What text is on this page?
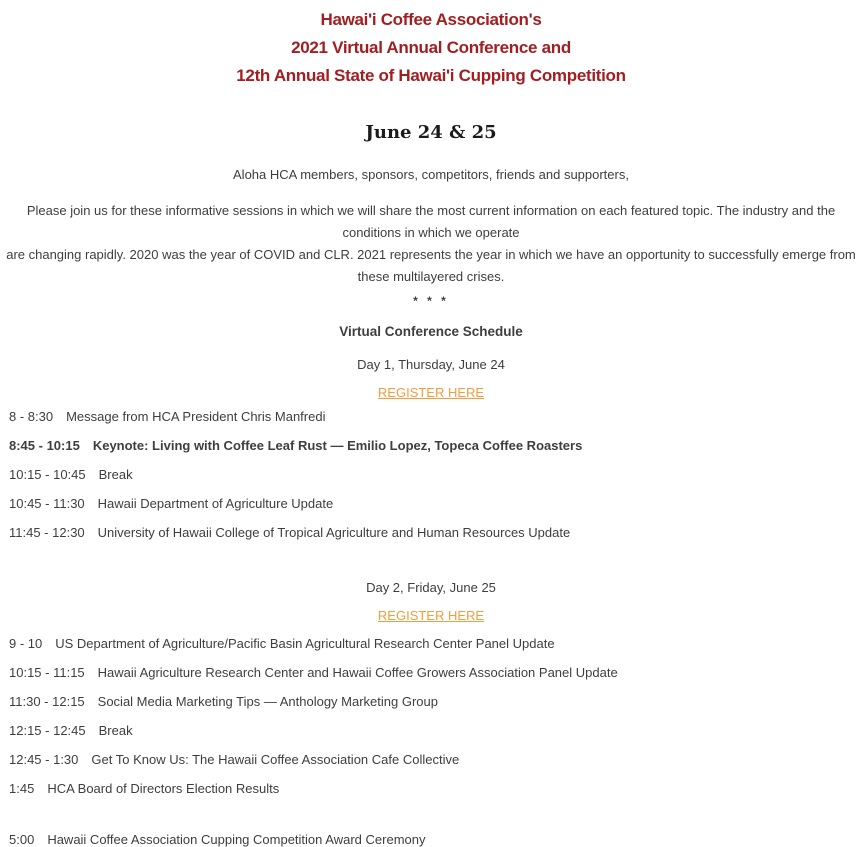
Hawai'i Coffee Association's
2021 Virtual Annual Conference and
12th Annual State of Hawai'i Cupping Competition
June 24 & 25

Aloha HCA members, sponsors, competitors, friends and supporters,

Please join us for these informative sessions in which we will share the most current information on each featured topic. The industry and the conditions in which we operate
are changing rapidly. 2020 was the year of COVID and CLR. 2021 represents the year in which we have an opportunity to successfully emerge from these multilayered crises.

* * *

Virtual Conference Schedule

Day 1, Thursday, June 24

REGISTER HERE

8 - 8:30 Message from HCA President Chris Manfredi

8:45 - 10:15 Keynote: Living with Coffee Leaf Rust — Emilio Lopez, Topeca Coffee Roasters

10:15 - 10:45 Break

10:45 - 11:30 Hawaii Department of Agriculture Update

11:45 - 12:30 University of Hawaii College of Tropical Agriculture and Human Resources Update

Day 2, Friday, June 25

REGISTER HERE

9 - 10 US Department of Agriculture/Pacific Basin Agricultural Research Center Panel Update

10:15 - 11:15 Hawaii Agriculture Research Center and Hawaii Coffee Growers Association Panel Update

11:30 - 12:15 Social Media Marketing Tips — Anthology Marketing Group

12:15 - 12:45 Break

12:45 - 1:30 Get To Know Us: The Hawaii Coffee Association Cafe Collective

1:45 HCA Board of Directors Election Results

5:00 Hawaii Coffee Association Cupping Competition Award Ceremony
